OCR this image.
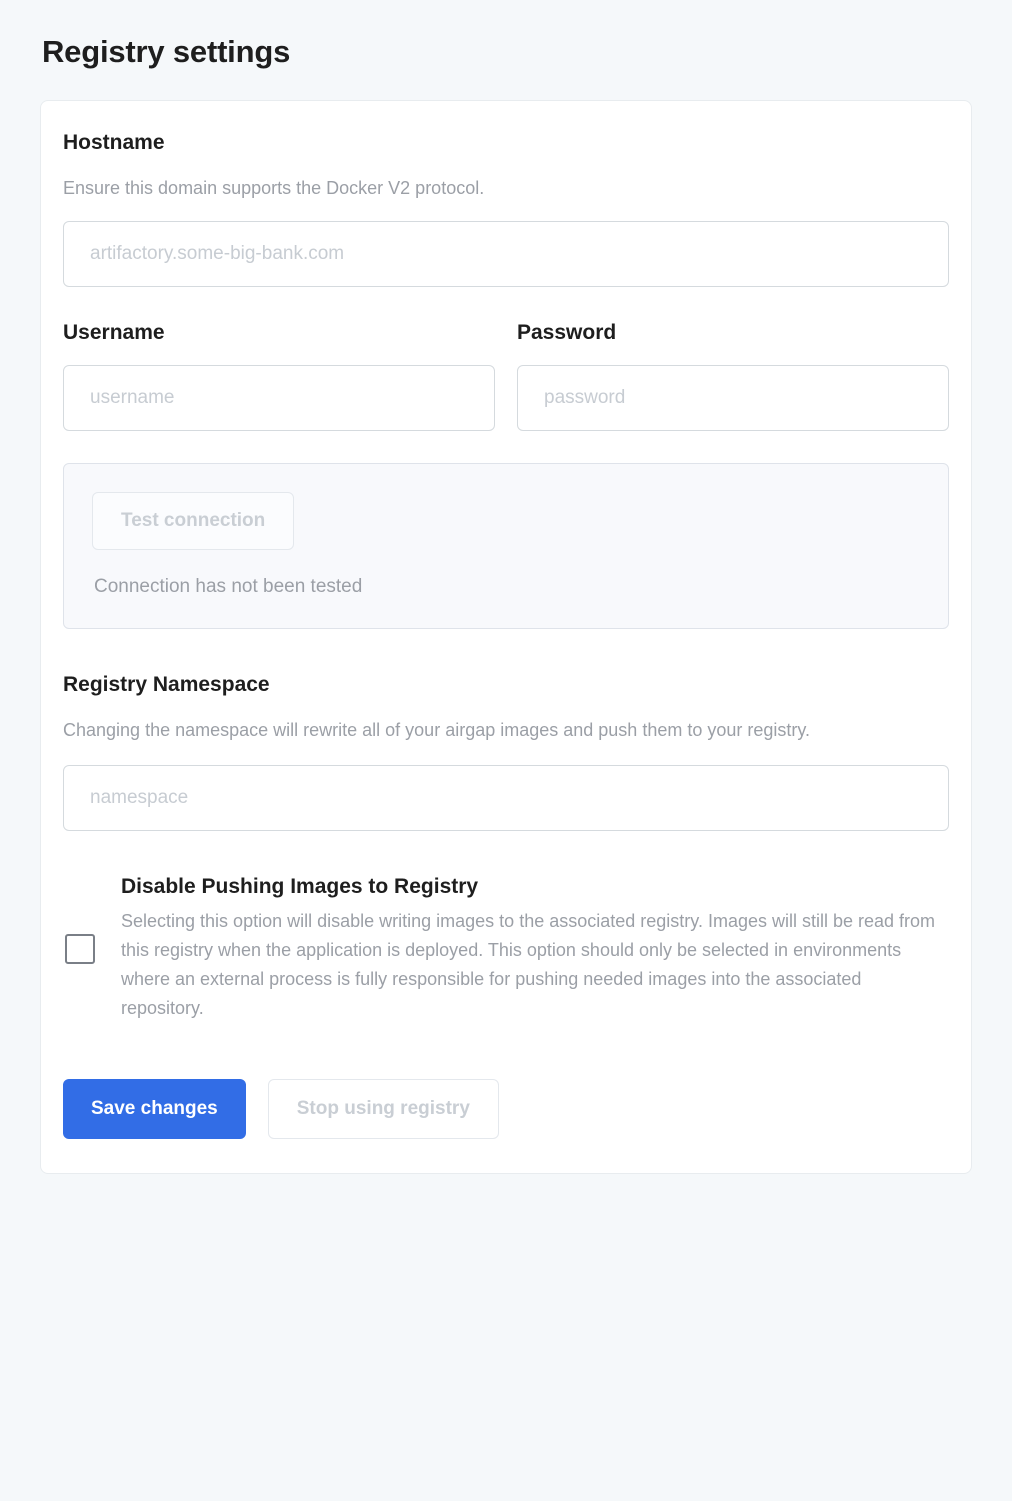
Registry settings
Hostname

Ensure this domain supports the Docker V2 protocol.

artifactory.some-big-bank.com
Username
username	Password
Test connection
Connection has not been tested
Registry Namespace

Changing the namespace will rewrite all of your airgap images and push them to your registry.

namespace
Disable Pushing Images to Registry

Selecting this option will disable writing images to the associated registry. Images will still be read from this registry when the application is deployed. This option should only be selected in environments where an external process is fully responsible for pushing needed images into the associated repository.

Save changes	Stop using registry
